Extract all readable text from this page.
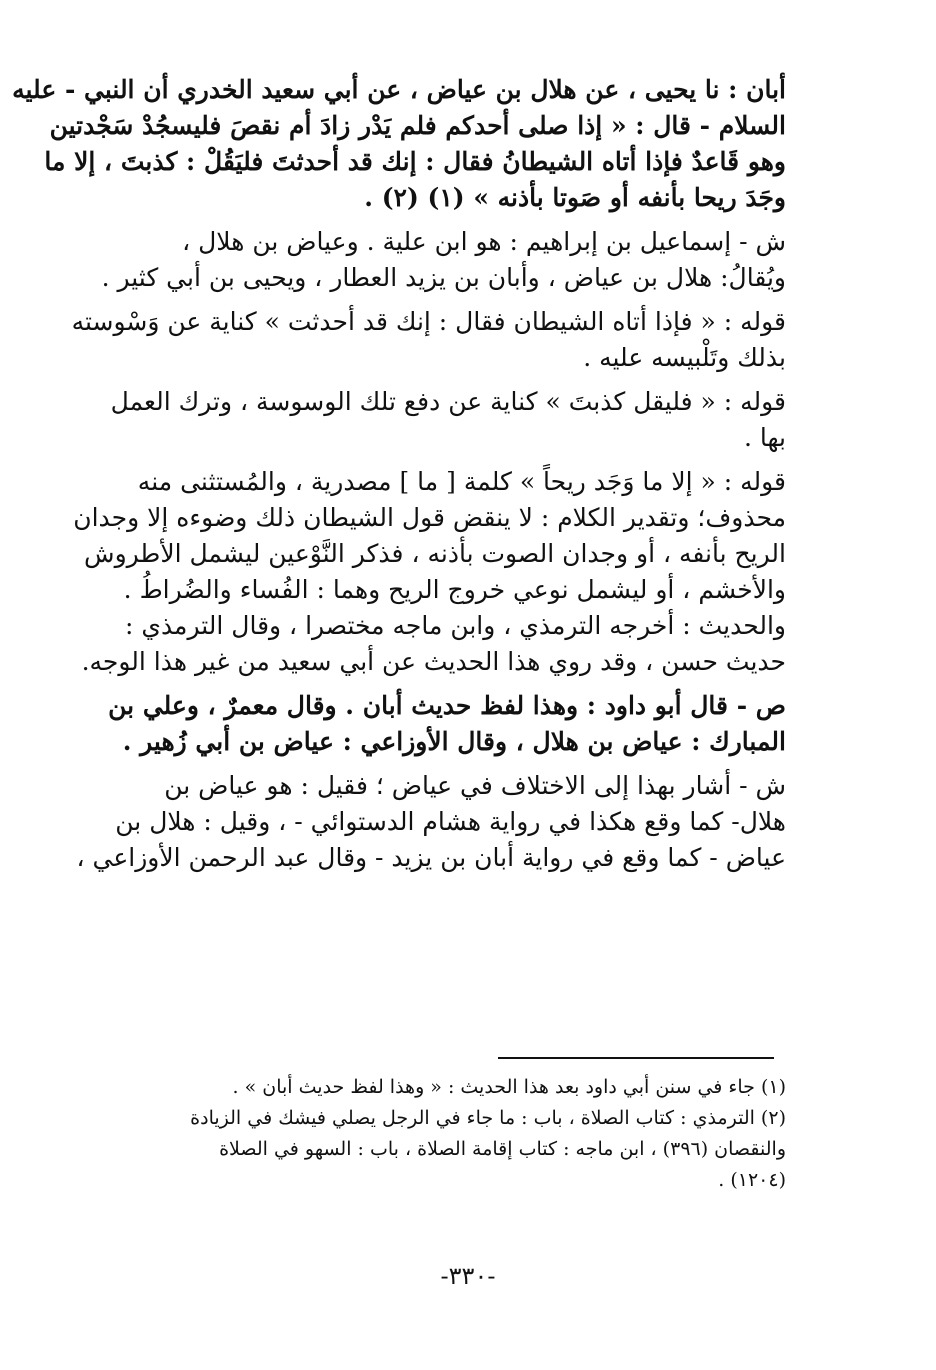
أبان : نا يحيى ، عن هلال بن عياض ، عن أبي سعيد الخدري أن النبي - عليه
السلام - قال : « إذا صلى أحدكم فلم يَدْر زادَ أم نقصَ فليسجُدْ سَجْدتين
وهو قَاعدٌ فإذا أتاه الشيطانُ فقال : إنك قد أحدثتَ فليَقُلْ : كذبتَ ، إلا ما
وجَدَ ريحا بأنفه أو صَوتا بأذنه » (١) (٢) .
ش - إسماعيل بن إبراهيم : هو ابن علية . وعياض بن هلال ،
ويُقالُ: هلال بن عياض ، وأبان بن يزيد العطار ، ويحيى بن أبي كثير .
قوله : « فإذا أتاه الشيطان فقال : إنك قد أحدثت » كناية عن وَسْوسته
بذلك وتَلْبيسه عليه .
قوله : « فليقل كذبتَ » كناية عن دفع تلك الوسوسة ، وترك العمل
بها .
قوله : « إلا ما وَجَد ريحاً » كلمة [ ما ] مصدرية ، والمُستثنى منه
محذوف؛ وتقدير الكلام : لا ينقض قول الشيطان ذلك وضوءه إلا وجدان
الريح بأنفه ، أو وجدان الصوت بأذنه ، فذكر النَّوْعين ليشمل الأطروش
والأخشم ، أو ليشمل نوعي خروج الريح وهما : الفُساء والضُراطُ .
والحديث : أخرجه الترمذي ، وابن ماجه مختصرا ، وقال الترمذي :
حديث حسن ، وقد روي هذا الحديث عن أبي سعيد من غير هذا الوجه.
ص - قال أبو داود : وهذا لفظ حديث أبان . وقال معمرٌ ، وعلي بن
المبارك : عياض بن هلال ، وقال الأوزاعي : عياض بن أبي زُهير .
ش - أشار بهذا إلى الاختلاف في عياض ؛ فقيل : هو عياض بن
هلال- كما وقع هكذا في رواية هشام الدستوائي - ، وقيل : هلال بن
عياض - كما وقع في رواية أبان بن يزيد - وقال عبد الرحمن الأوزاعي ،
(١) جاء في سنن أبي داود بعد هذا الحديث : « وهذا لفظ حديث أبان » .
(٢) الترمذي : كتاب الصلاة ، باب : ما جاء في الرجل يصلي فيشك في الزيادة
والنقصان (٣٩٦) ، ابن ماجه : كتاب إقامة الصلاة ، باب : السهو في الصلاة
(١٢٠٤) .
-٣٣٠-
